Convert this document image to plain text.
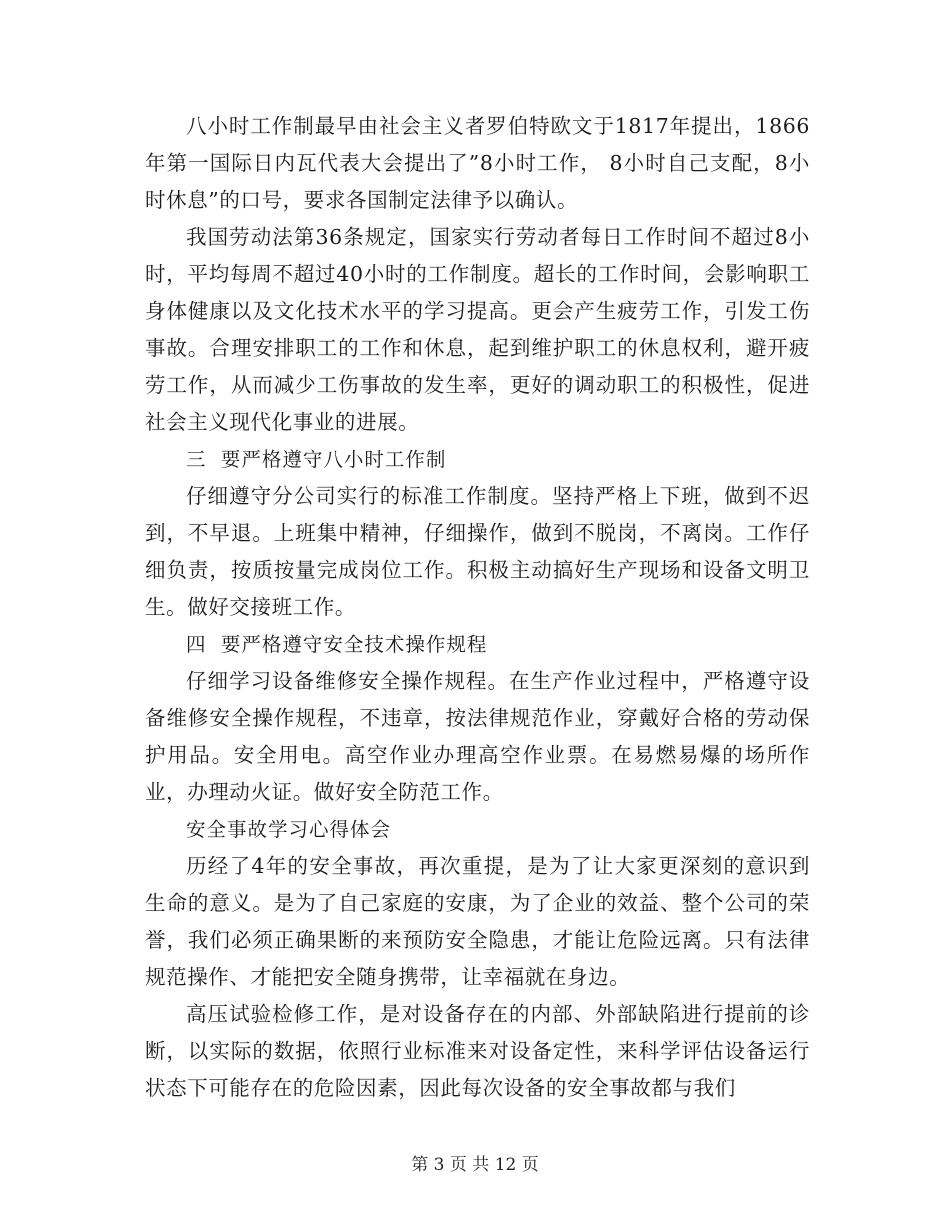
八小时工作制最早由社会主义者罗伯特欧文于1817年提出，1866年第一国际日内瓦代表大会提出了”8小时工作， 8小时自己支配，8小时休息”的口号，要求各国制定法律予以确认。

我国劳动法第36条规定，国家实行劳动者每日工作时间不超过8小时，平均每周不超过40小时的工作制度。超长的工作时间，会影响职工身体健康以及文化技术水平的学习提高。更会产生疲劳工作，引发工伤事故。合理安排职工的工作和休息，起到维护职工的休息权利，避开疲劳工作，从而减少工伤事故的发生率，更好的调动职工的积极性，促进社会主义现代化事业的进展。

三  要严格遵守八小时工作制

仔细遵守分公司实行的标准工作制度。坚持严格上下班，做到不迟到，不早退。上班集中精神，仔细操作，做到不脱岗，不离岗。工作仔细负责，按质按量完成岗位工作。积极主动搞好生产现场和设备文明卫生。做好交接班工作。

四  要严格遵守安全技术操作规程

仔细学习设备维修安全操作规程。在生产作业过程中，严格遵守设备维修安全操作规程，不违章，按法律规范作业，穿戴好合格的劳动保护用品。安全用电。高空作业办理高空作业票。在易燃易爆的场所作业，办理动火证。做好安全防范工作。

安全事故学习心得体会

历经了4年的安全事故，再次重提，是为了让大家更深刻的意识到生命的意义。是为了自己家庭的安康，为了企业的效益、整个公司的荣誉，我们必须正确果断的来预防安全隐患，才能让危险远离。只有法律规范操作、才能把安全随身携带，让幸福就在身边。

高压试验检修工作，是对设备存在的内部、外部缺陷进行提前的诊断，以实际的数据，依照行业标准来对设备定性，来科学评估设备运行状态下可能存在的危险因素，因此每次设备的安全事故都与我们

第 3 页 共 12 页
